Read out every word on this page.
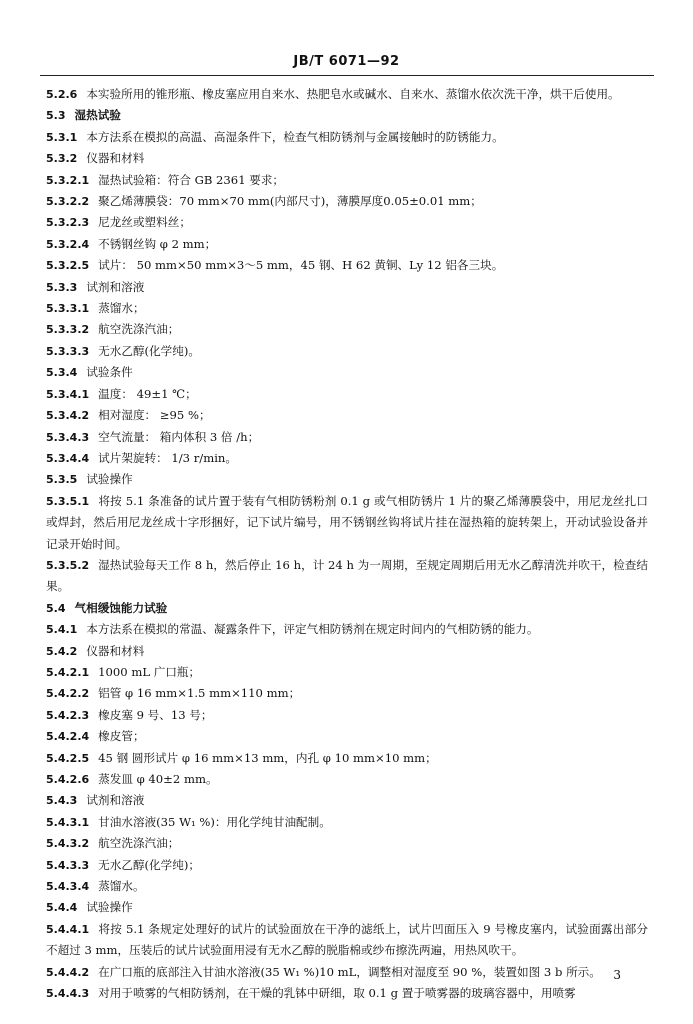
JB/T 6071—92
5.2.6 本实验所用的锥形瓶、橡皮塞应用自来水、热肥皂水或碱水、自来水、蒸馏水依次洗干净，烘干后使用。
5.3 湿热试验
5.3.1 本方法系在模拟的高温、高湿条件下，检查气相防锈剂与金属接触时的防锈能力。
5.3.2 仪器和材料
5.3.2.1 湿热试验箱：符合 GB 2361 要求；
5.3.2.2 聚乙烯薄膜袋：70 mm×70 mm(内部尺寸)，薄膜厚度0.05±0.01 mm；
5.3.2.3 尼龙丝或塑料丝；
5.3.2.4 不锈钢丝钩 φ 2 mm；
5.3.2.5 试片： 50 mm×50 mm×3～5 mm，45 钢、H 62 黄铜、Ly 12 铝各三块。
5.3.3 试剂和溶液
5.3.3.1 蒸馏水；
5.3.3.2 航空洗涤汽油；
5.3.3.3 无水乙醇(化学纯)。
5.3.4 试验条件
5.3.4.1 温度： 49±1 ℃；
5.3.4.2 相对湿度： ≥95 %；
5.3.4.3 空气流量： 箱内体积 3 倍 /h；
5.3.4.4 试片架旋转： 1/3 r/min。
5.3.5 试验操作
5.3.5.1 将按 5.1 条准备的试片置于装有气相防锈粉剂 0.1 g 或气相防锈片 1 片的聚乙烯薄膜袋中，用尼龙丝扎口或焊封，然后用尼龙丝成十字形捆好，记下试片编号，用不锈钢丝钩将试片挂在湿热箱的旋转架上，开动试验设备并记录开始时间。
5.3.5.2 湿热试验每天工作 8 h，然后停止 16 h，计 24 h 为一周期，至规定周期后用无水乙醇清洗并吹干，检查结果。
5.4 气相缓蚀能力试验
5.4.1 本方法系在模拟的常温、凝露条件下，评定气相防锈剂在规定时间内的气相防锈的能力。
5.4.2 仪器和材料
5.4.2.1 1000 mL 广口瓶；
5.4.2.2 铝管 φ 16 mm×1.5 mm×110 mm；
5.4.2.3 橡皮塞 9 号、13 号；
5.4.2.4 橡皮管；
5.4.2.5 45 钢 圆形试片 φ 16 mm×13 mm，内孔 φ 10 mm×10 mm；
5.4.2.6 蒸发皿 φ 40±2 mm。
5.4.3 试剂和溶液
5.4.3.1 甘油水溶液(35 W₁ %)：用化学纯甘油配制。
5.4.3.2 航空洗涤汽油；
5.4.3.3 无水乙醇(化学纯)；
5.4.3.4 蒸馏水。
5.4.4 试验操作
5.4.4.1 将按 5.1 条规定处理好的试片的试验面放在干净的滤纸上，试片凹面压入 9 号橡皮塞内，试验面露出部分不超过 3 mm，压装后的试片试验面用浸有无水乙醇的脱脂棉或纱布擦洗两遍，用热风吹干。
5.4.4.2 在广口瓶的底部注入甘油水溶液(35 W₁ %)10 mL，调整相对湿度至 90 %，装置如图 3 b 所示。
5.4.4.3 对用于喷雾的气相防锈剂，在干燥的乳钵中研细，取 0.1 g 置于喷雾器的玻璃容器中，用喷雾
3
